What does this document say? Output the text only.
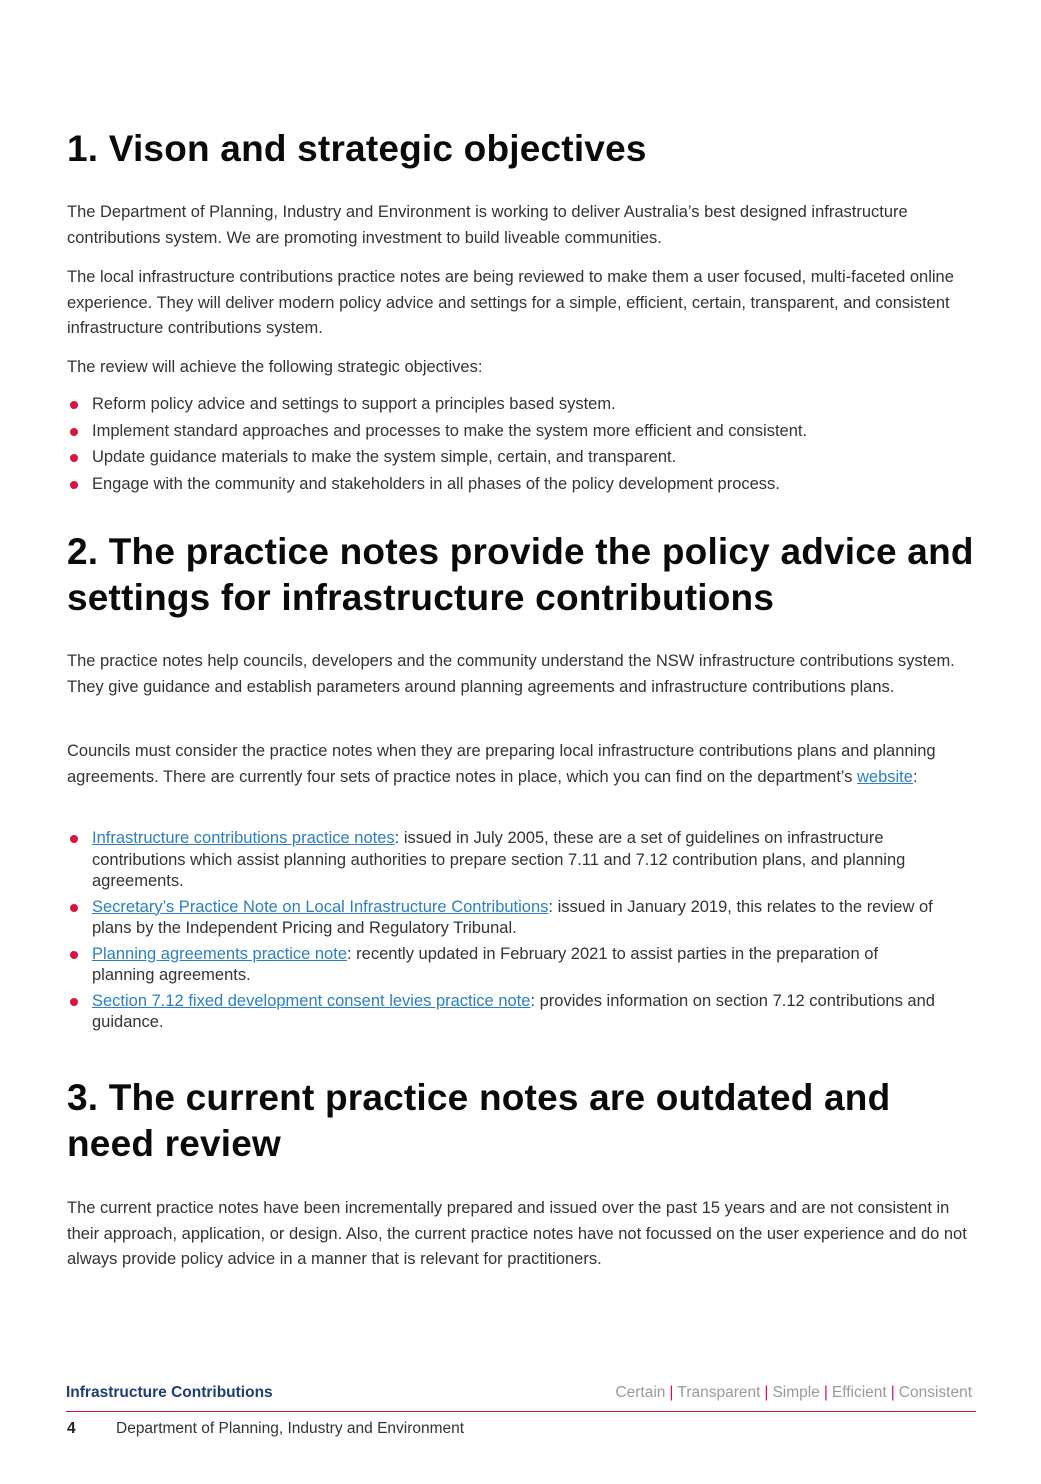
1. Vison and strategic objectives

The Department of Planning, Industry and Environment is working to deliver Australia’s best designed infrastructure contributions system. We are promoting investment to build liveable communities.

The local infrastructure contributions practice notes are being reviewed to make them a user focused, multi-faceted online experience. They will deliver modern policy advice and settings for a simple, efficient, certain, transparent, and consistent infrastructure contributions system.

The review will achieve the following strategic objectives:

Reform policy advice and settings to support a principles based system.
Implement standard approaches and processes to make the system more efficient and consistent.
Update guidance materials to make the system simple, certain, and transparent.
Engage with the community and stakeholders in all phases of the policy development process.
2. The practice notes provide the policy advice and settings for infrastructure contributions

The practice notes help councils, developers and the community understand the NSW infrastructure contributions system. They give guidance and establish parameters around planning agreements and infrastructure contributions plans.

Councils must consider the practice notes when they are preparing local infrastructure contributions plans and planning agreements. There are currently four sets of practice notes in place, which you can find on the department’s website:

Infrastructure contributions practice notes: issued in July 2005, these are a set of guidelines on infrastructure contributions which assist planning authorities to prepare section 7.11 and 7.12 contribution plans, and planning agreements.
Secretary’s Practice Note on Local Infrastructure Contributions: issued in January 2019, this relates to the review of plans by the Independent Pricing and Regulatory Tribunal.
Planning agreements practice note: recently updated in February 2021 to assist parties in the preparation of planning agreements.
Section 7.12 fixed development consent levies practice note: provides information on section 7.12 contributions and guidance.
3. The current practice notes are outdated and need review

The current practice notes have been incrementally prepared and issued over the past 15 years and are not consistent in their approach, application, or design. Also, the current practice notes have not focussed on the user experience and do not always provide policy advice in a manner that is relevant for practitioners.

Infrastructure Contributions	Certain | Transparent | Simple | Efficient | Consistent
4	Department of Planning, Industry and Environment
